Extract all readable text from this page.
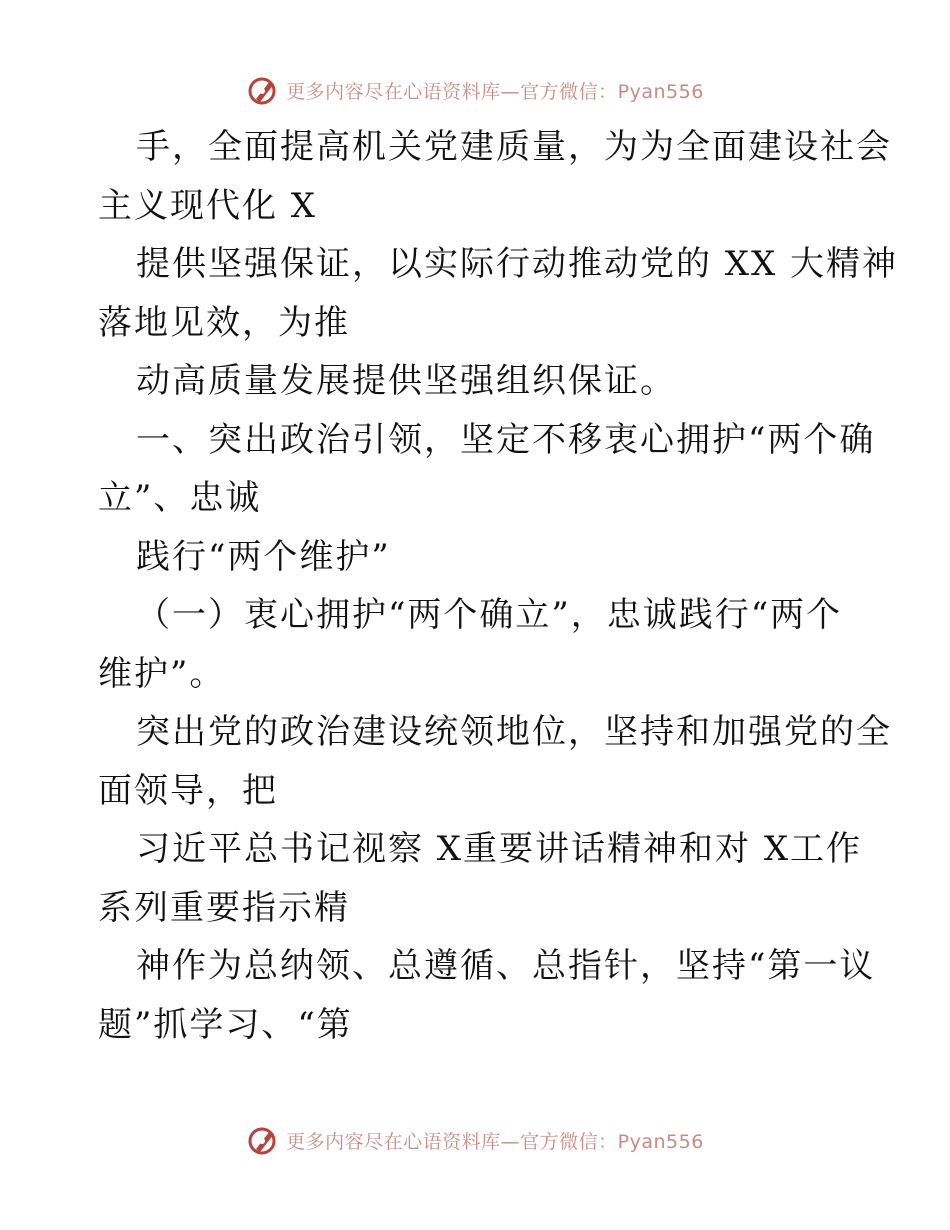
更多内容尽在心语资料库—官方微信：Pyan556
手，全面提高机关党建质量，为为全面建设社会
主义现代化 X
提供坚强保证，以实际行动推动党的 XX 大精神
落地见效，为推
动高质量发展提供坚强组织保证。
一、突出政治引领，坚定不移衷心拥护“两个确
立”、忠诚
践行“两个维护”
（一）衷心拥护“两个确立”，忠诚践行“两个
维护”。
突出党的政治建设统领地位，坚持和加强党的全
面领导，把
习近平总书记视察 X重要讲话精神和对 X工作
系列重要指示精
神作为总纳领、总遵循、总指针，坚持“第一议
题”抓学习、“第
更多内容尽在心语资料库—官方微信：Pyan556
